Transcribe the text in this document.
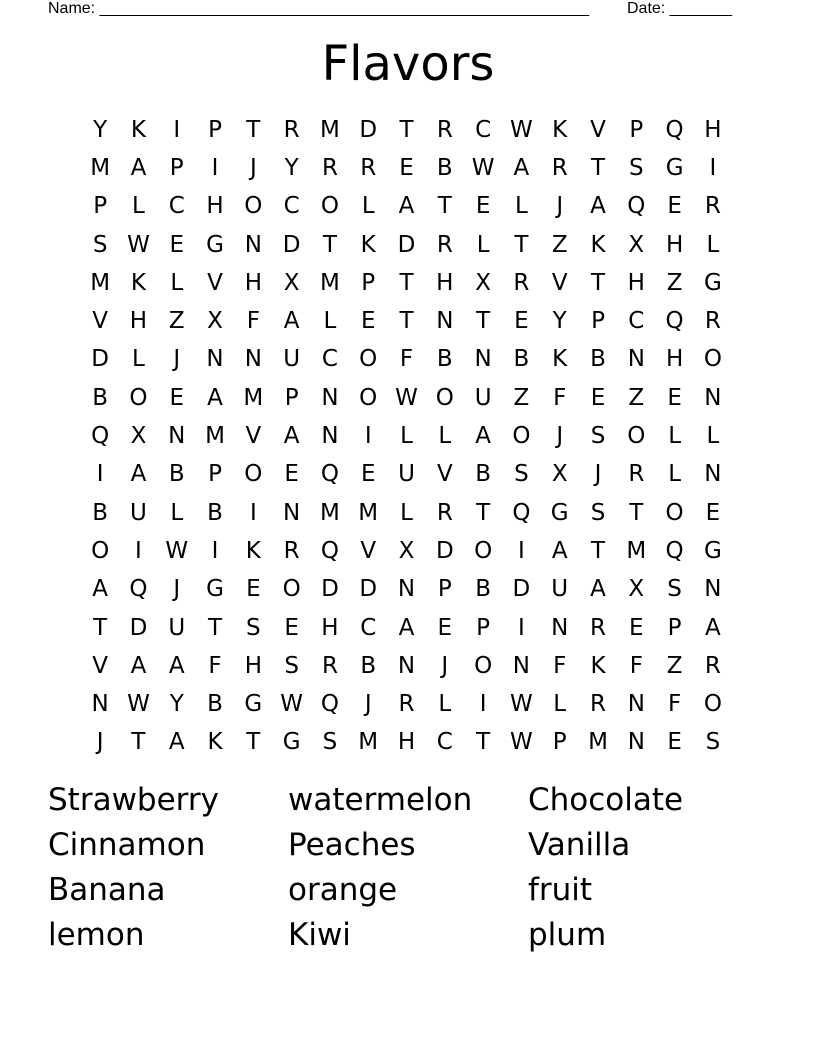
Name: _______________________________________________________ Date: _______
Flavors
Y	K	I	P	T	R M D T	R C W K V	P Q H
M A	P	I	J	Y	R R	E	B W A R	T	S G	I
P	L	C H O C O L	A	T	E	L	J	A Q E	R
S W E G N D T	K D R	L	T	Z K X H	L
M K	L	V H X M P	T H X R V	T H Z G
V H Z X	F	A	L	E	T N T	E	Y	P	C Q R
D	L	J	N N U C O F	B N B K B N H O
B O E	A M P N O W O U Z	F	E	Z	E N
Q X N M V A N	I	L	L	A O	J	S O L	L
I	A B	P O E Q E U V B	S	X	J	R	L	N
B U	L	B	I	N M M L	R	T Q G S	T O E
O	I	W	I	K R Q V X D O	I	A	T M Q G
A Q	J	G E O D D N P	B D U A X	S N
T D U T	S	E H C A	E	P	I	N R	E	P	A
V A A	F	H S	R B N	J	O N	F	K	F	Z R
N W Y	B G W Q	J	R	L	I	W L	R N	F O
J	T	A K	T G S M H C	T W P M N E	S
Strawberry	watermelon	Chocolate
Cinnamon	Peaches	Vanilla
Banana	orange	fruit
lemon	Kiwi	plum
